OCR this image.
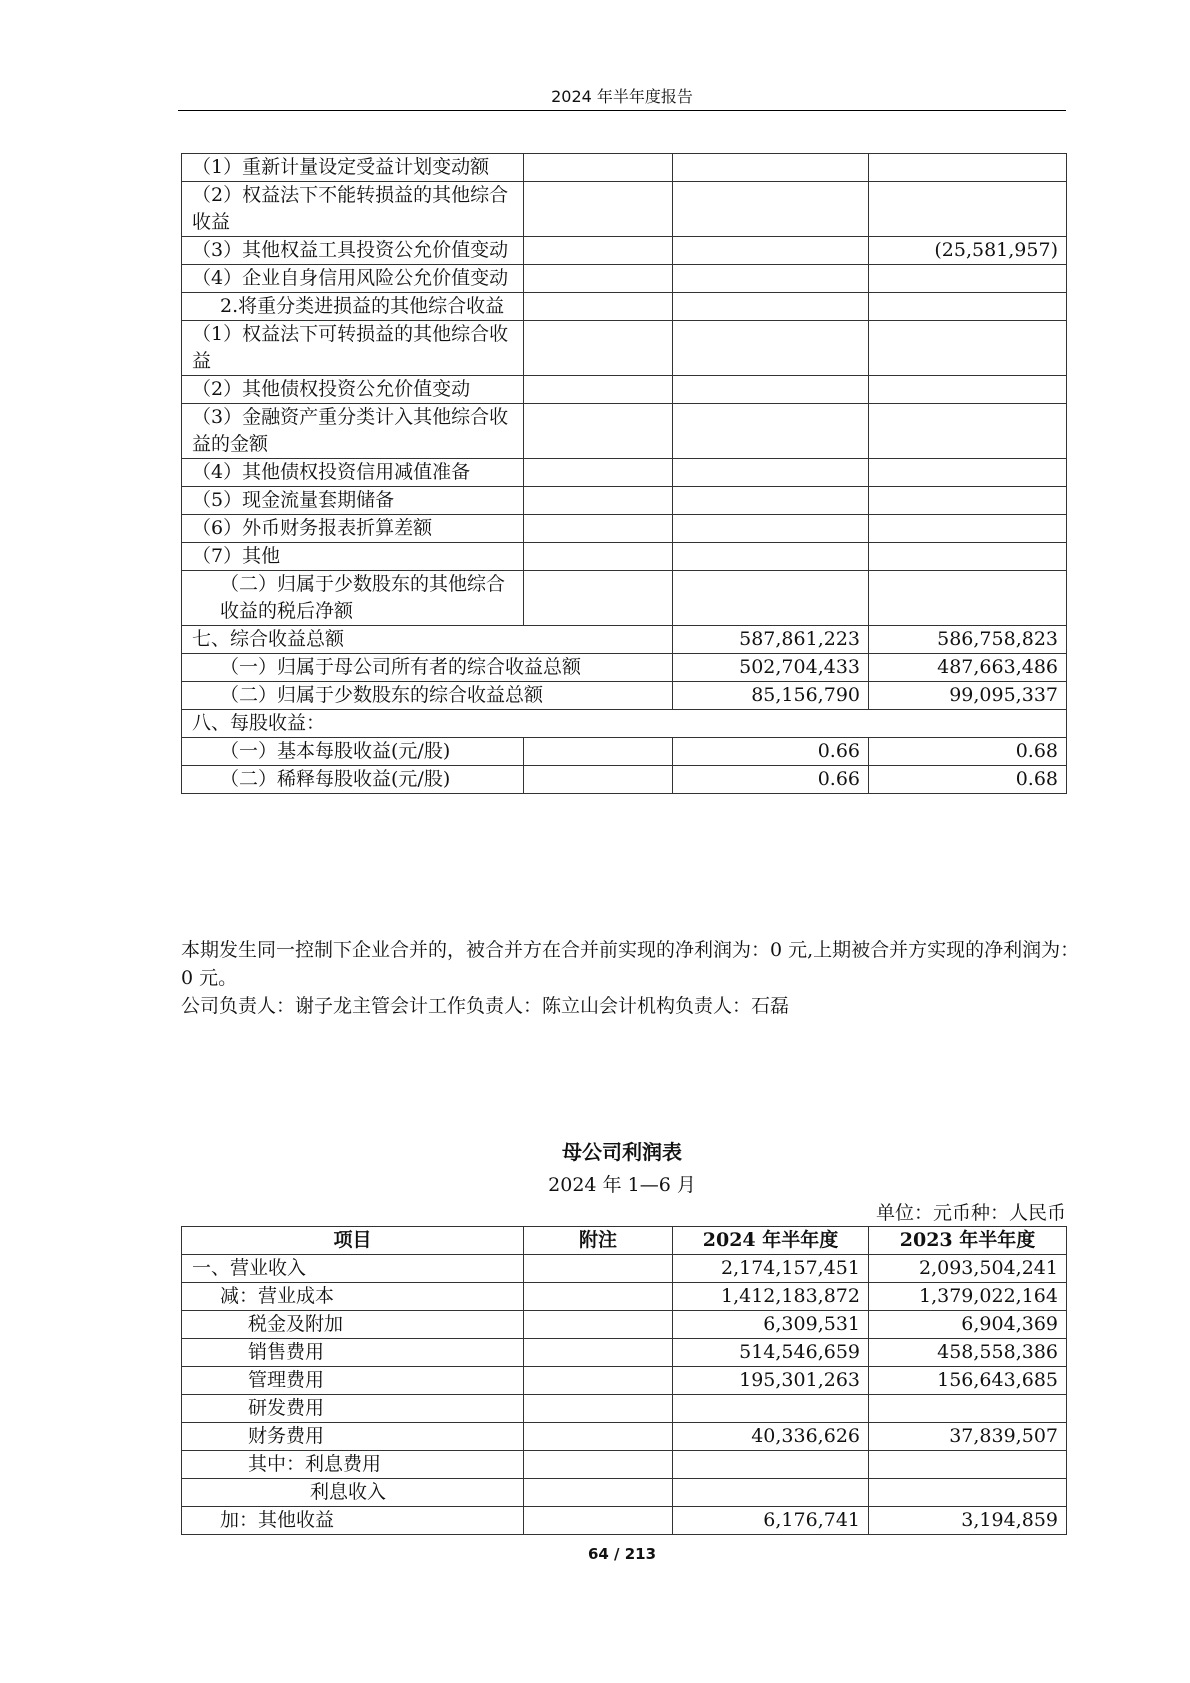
2024 年半年度报告
（1）重新计量设定受益计划变动额			
（2）权益法下不能转损益的其他综合收益			
（3）其他权益工具投资公允价值变动			(25,581,957)
（4）企业自身信用风险公允价值变动			
2.将重分类进损益的其他综合收益			
（1）权益法下可转损益的其他综合收益			
（2）其他债权投资公允价值变动			
（3）金融资产重分类计入其他综合收益的金额			
（4）其他债权投资信用减值准备			
（5）现金流量套期储备			
（6）外币财务报表折算差额			
（7）其他			
（二）归属于少数股东的其他综合收益的税后净额			
七、综合收益总额		587,861,223	586,758,823
（一）归属于母公司所有者的综合收益总额		502,704,433	487,663,486
（二）归属于少数股东的综合收益总额		85,156,790	99,095,337
八、每股收益：			
（一）基本每股收益(元/股)		0.66	0.68
（二）稀释每股收益(元/股)		0.66	0.68
本期发生同一控制下企业合并的，被合并方在合并前实现的净利润为：0 元,上期被合并方实现的净利润为：0 元。
公司负责人：谢子龙主管会计工作负责人：陈立山会计机构负责人：石磊
母公司利润表
2024 年 1—6 月
单位：元币种：人民币
项目	附注	2024 年半年度	2023 年半年度
一、营业收入		2,174,157,451	2,093,504,241
减：营业成本		1,412,183,872	1,379,022,164
税金及附加		6,309,531	6,904,369
销售费用		514,546,659	458,558,386
管理费用		195,301,263	156,643,685
研发费用			
财务费用		40,336,626	37,839,507
其中：利息费用			
利息收入			
加：其他收益		6,176,741	3,194,859
64 / 213
